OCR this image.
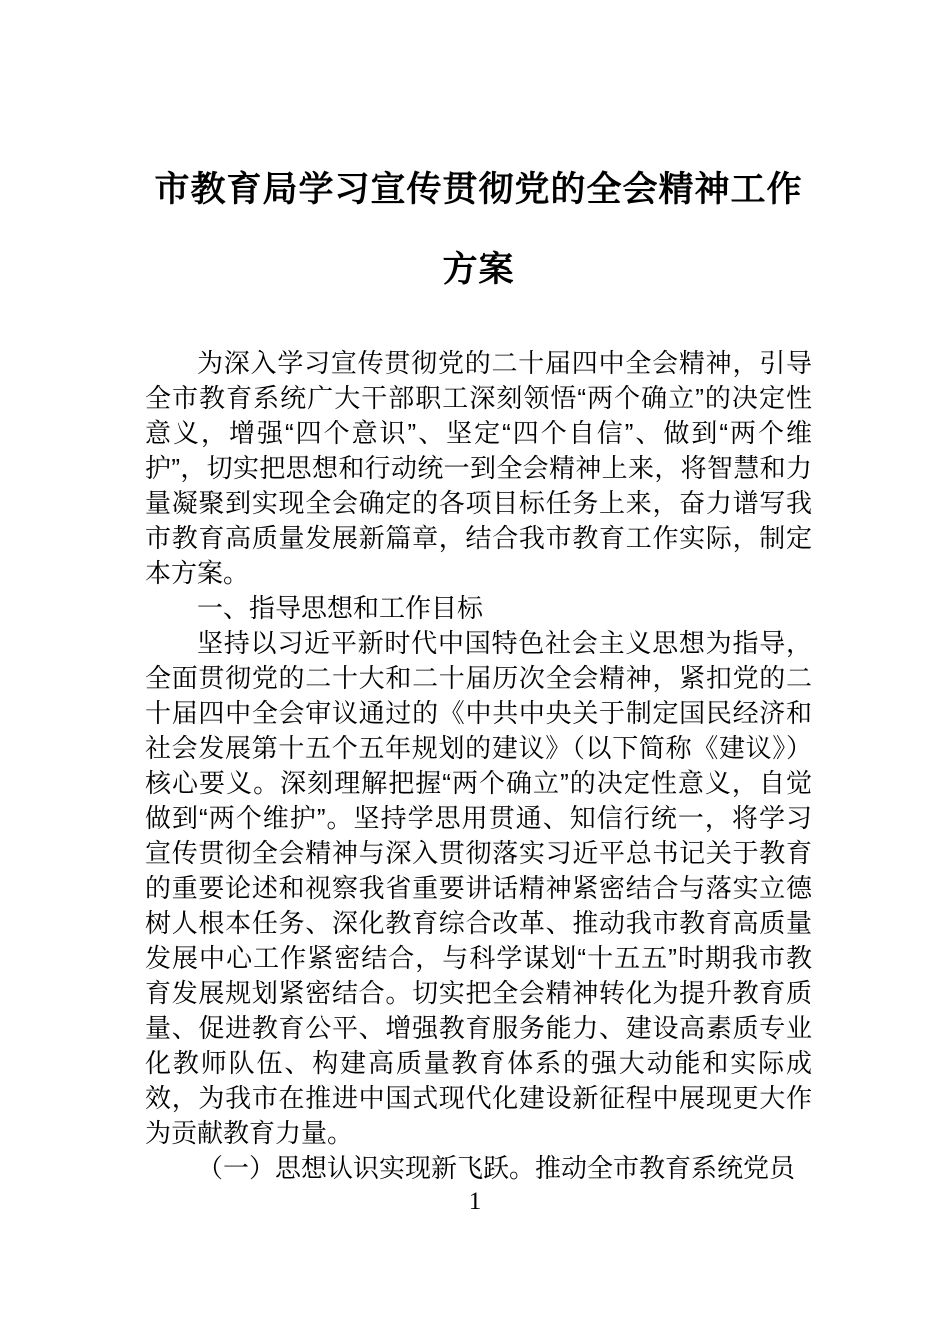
市教育局学习宣传贯彻党的全会精神工作
方案

为深入学习宣传贯彻党的二十届四中全会精神，引导全市教育系统广大干部职工深刻领悟“两个确立”的决定性意义，增强“四个意识”、坚定“四个自信”、做到“两个维护”，切实把思想和行动统一到全会精神上来，将智慧和力量凝聚到实现全会确定的各项目标任务上来，奋力谱写我市教育高质量发展新篇章，结合我市教育工作实际，制定本方案。

一、指导思想和工作目标

坚持以习近平新时代中国特色社会主义思想为指导，全面贯彻党的二十大和二十届历次全会精神，紧扣党的二十届四中全会审议通过的《中共中央关于制定国民经济和社会发展第十五个五年规划的建议》（以下简称《建议》）核心要义。深刻理解把握“两个确立”的决定性意义，自觉做到“两个维护”。坚持学思用贯通、知信行统一，将学习宣传贯彻全会精神与深入贯彻落实习近平总书记关于教育的重要论述和视察我省重要讲话精神紧密结合与落实立德树人根本任务、深化教育综合改革、推动我市教育高质量发展中心工作紧密结合，与科学谋划“十五五”时期我市教育发展规划紧密结合。切实把全会精神转化为提升教育质量、促进教育公平、增强教育服务能力、建设高素质专业化教师队伍、构建高质量教育体系的强大动能和实际成效，为我市在推进中国式现代化建设新征程中展现更大作为贡献教育力量。

（一）思想认识实现新飞跃。推动全市教育系统党员

1
